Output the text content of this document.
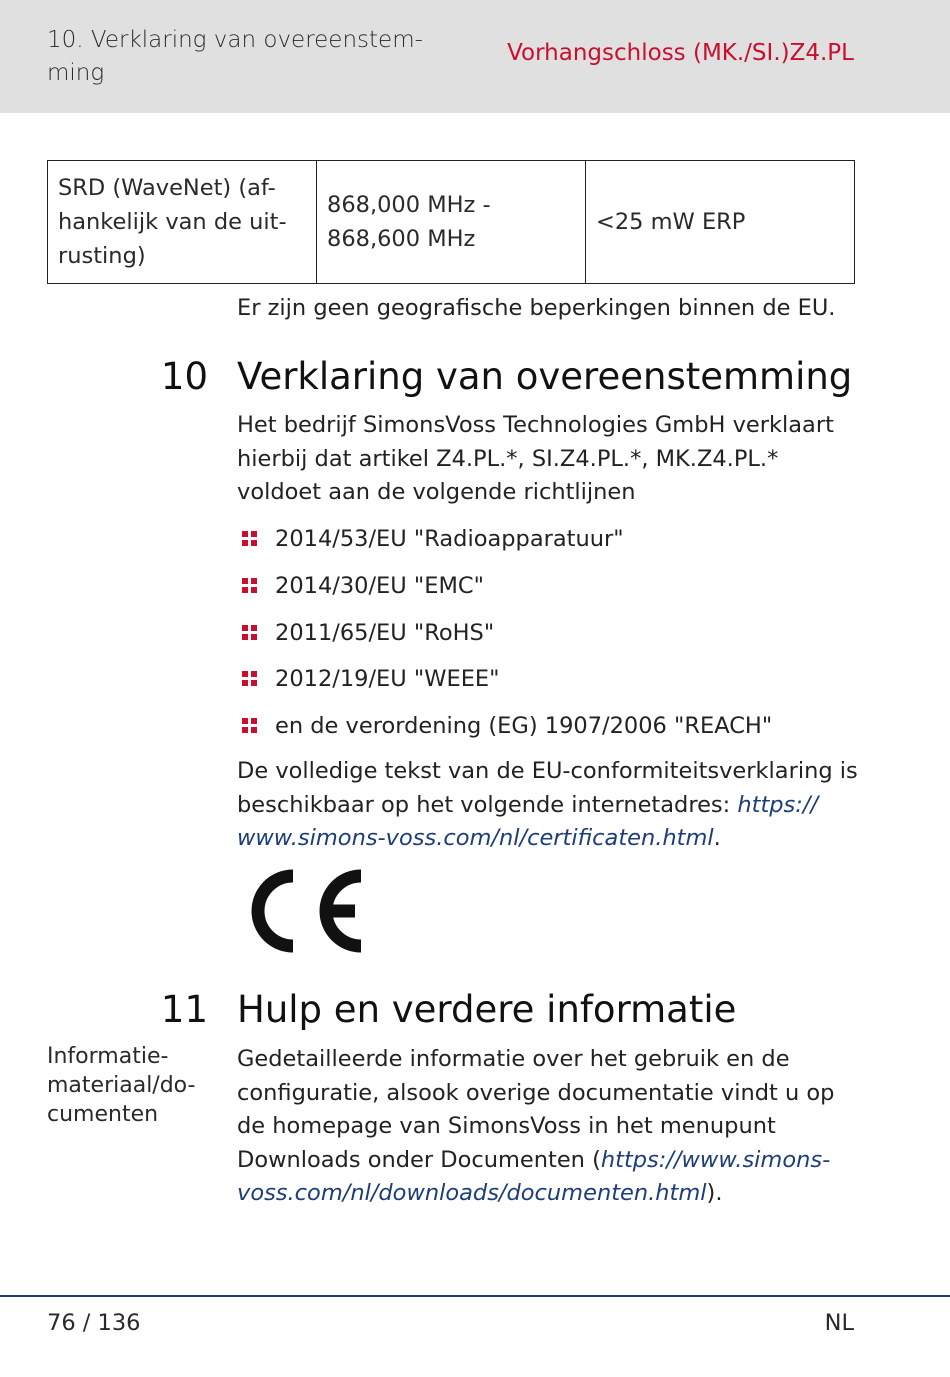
10. Verklaring van overeenstem- ming
Vorhangschloss (MK./SI.)Z4.PL
SRD (WaveNet) (af- hankelijk van de uit- rusting)	868,000 MHz - 868,600 MHz	<25 mW ERP
Er zijn geen geografische beperkingen binnen de EU.
10 Verklaring van overeenstemming
Het bedrijf SimonsVoss Technologies GmbH verklaart hierbij dat artikel Z4.PL.*, SI.Z4.PL.*, MK.Z4.PL.* voldoet aan de volgende richtlijnen
2014/53/EU "Radioapparatuur"
2014/30/EU "EMC"
2011/65/EU "RoHS"
2012/19/EU "WEEE"
en de verordening (EG) 1907/2006 "REACH"
De volledige tekst van de EU-conformiteitsverklaring is beschikbaar op het volgende internetadres: https:// www.simons-voss.com/nl/certificaten.html.
11 Hulp en verdere informatie
Informatie- materiaal/do- cumenten
Gedetailleerde informatie over het gebruik en de configuratie, alsook overige documentatie vindt u op de homepage van SimonsVoss in het menupunt Downloads onder Documenten (https://www.simons- voss.com/nl/downloads/documenten.html).
76 / 136	NL
